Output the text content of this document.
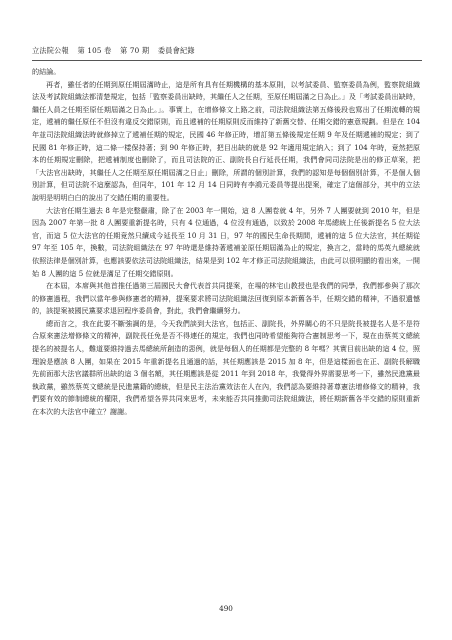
立法院公報 第 105 卷 第 70 期 委員會紀錄

的結論。

再者，雖任者的任期到原任期屆滿時止，這是所有具有任期機構的基本原則，以考試委員、監察委員為例，監察院組織法及考試院組織法都清楚規定，包括「監察委員出缺時，其繼任人之任期，至原任期屆滿之日為止。」及「考試委員出缺時，繼任人員之任期至原任期屆滿之日為止。」。事實上，在增修條文上路之前，司法院組織法第五條後段也寫出了任期流轉的規定，遞補的繼任原任不但沒有違反交錯原則，而且遞補的任期原則反而維持了新舊交替、任期交錯的憲意規劃。但是在 104 年並司法院組織法時就修掉立了遞補任期的規定，民國 46 年修正時，增訂第五條後規定任期 9 年及任期遞補的規定；到了民國 81 年修正時，這二條一樣保持著；到 90 年修正時，把目出缺的就是 92 年適用規定納入；到了 104 年時，竟然把原本的任期規定刪除，把遞補制度也刪除了，而且司法院的正、副院長自行延長任期，我們會同司法院是出的修正草案，把「大法官出缺時，其繼任人之任期至原任期屆滿之日止」刪除，所謂的個別計算，我們的認知是每個個別計算，不是個人個別計算，但司法院不這麼認為，但同年，101 年 12 月 14 日同時有李鴻元委員等提出提案，確定了這個部分，其中的立法說明是明明白白的說出了交錯任期的重要性。

大法官任期生過去 8 年是完整嚴肅，除了在 2003 年一開始，這 8 人團卷就 4 年，另外 7 人團要就到 2010 年，但是因為 2007 年第一批 8 人團要重新提名時，只有 4 位通過，4 位沒有通過，以致於 2008 年馬總統上任後新提名 5 位大法官，而這 5 位大法官的任期竟然只續成今延長至 10 月 31 日，97 年的國民生命長期間，遞補的這 5 位大法官，其任期從 97 年至 105 年，換數，司法院組織法在 97 年時還是維持著遞補並原任期屆滿為止的規定，換言之，當時的馬英九總統就依照法律是個別計算，也應該要依法司法院組織法，結果是到 102 年才修正司法院組織法，由此可以很明顯的看出來，一開始 8 人團的這 5 位就是滿足了任期交錯原則。

在本屆，本席與其他首推任過第三屆國民大會代表首共同提案，在場的林宅山教授也是我們的同學，我們都參與了那次的修憲過程，我們以當年參與修憲者的精神，提案要求將司法院組織法回復到原本新舊各半，任期交錯的精神，不過很遺憾的，該提案被國民黨要求退回程序委員會，對此，我們會繼續努力。

總而言之，我在此要不斷強調的是，今天我們談到大法官，包括正、副院長，外界關心的不只是院長被提名人是不是符合原來憲法增修條文的精神，副院長任免是否不得連任的規定，我們也同時希望能夠符合憲制思考一下，現在由蔡英文總統提名的被提名人，難道要維持過去馬總統所創造的惡例，就是每個人的任期都是完整的 8 年嗎？其實目前出缺的這 4 位，照理說是應該 8 人團，如果在 2015 年重新提名且通過的話，其任期應該是 2015 加 8 年，但是這樣面也在正、副院長解職先前面那大法官議群所出缺的這 3 個名額，其任期應該是從 2011 年到 2018 年，我覺得外界需要思考一下，雖然民進黨最執政黨，雖然蔡英文總統是民進黨籍的總統，但是民主法治黨效法在人在內，我們認為要維持著尊憲法增修條文的精神，我們要有效的節制總統的權限，我們希望各界共同來思考，未來能否共同推動司法院組織法，將任期新舊各半交錯的原則重新在本次的大法官中確立？謝謝。

490
